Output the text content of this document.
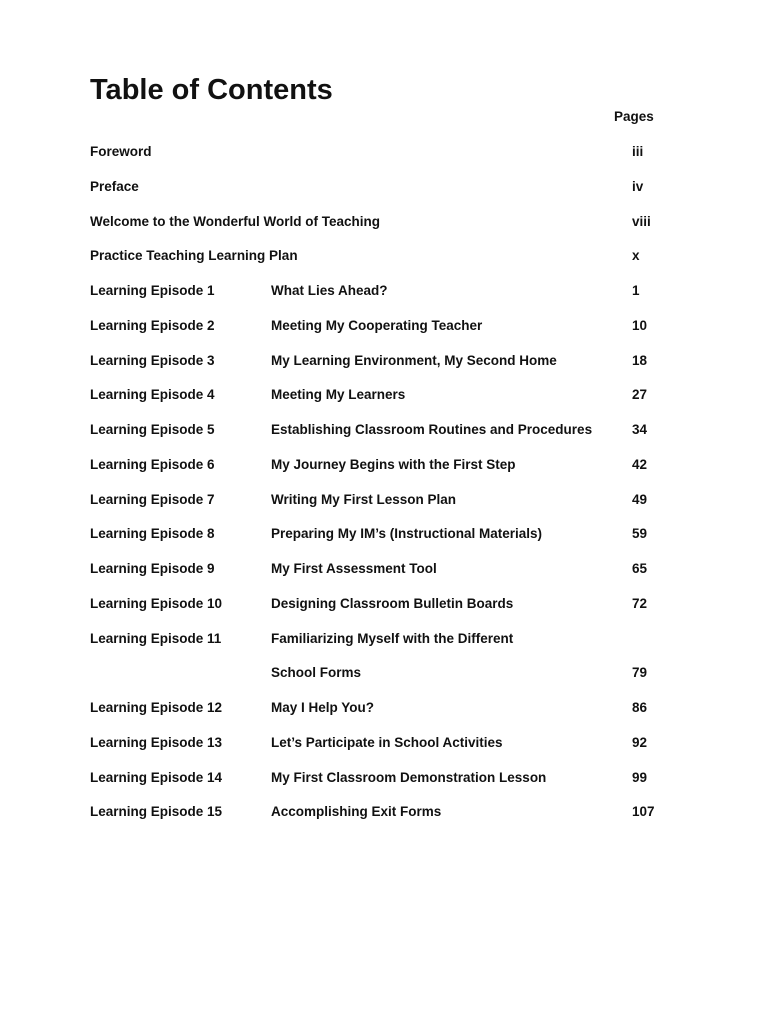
Table of Contents
Pages
Foreword	iii
Preface	iv
Welcome to the Wonderful World of Teaching	viii
Practice Teaching Learning Plan	x
Learning Episode 1	What Lies Ahead?	1
Learning Episode 2	Meeting My Cooperating Teacher	10
Learning Episode 3	My Learning Environment, My Second Home	18
Learning Episode 4	Meeting My Learners	27
Learning Episode 5	Establishing Classroom Routines and Procedures	34
Learning Episode 6	My Journey Begins with the First Step	42
Learning Episode 7	Writing My First Lesson Plan	49
Learning Episode 8	Preparing My IM’s (Instructional Materials)	59
Learning Episode 9	My First Assessment Tool	65
Learning Episode 10	Designing Classroom Bulletin Boards	72
Learning Episode 11	Familiarizing Myself with the Different
School Forms	79
Learning Episode 12	May I Help You?	86
Learning Episode 13	Let’s Participate in School Activities	92
Learning Episode 14	My First Classroom Demonstration Lesson	99
Learning Episode 15	Accomplishing Exit Forms	107
